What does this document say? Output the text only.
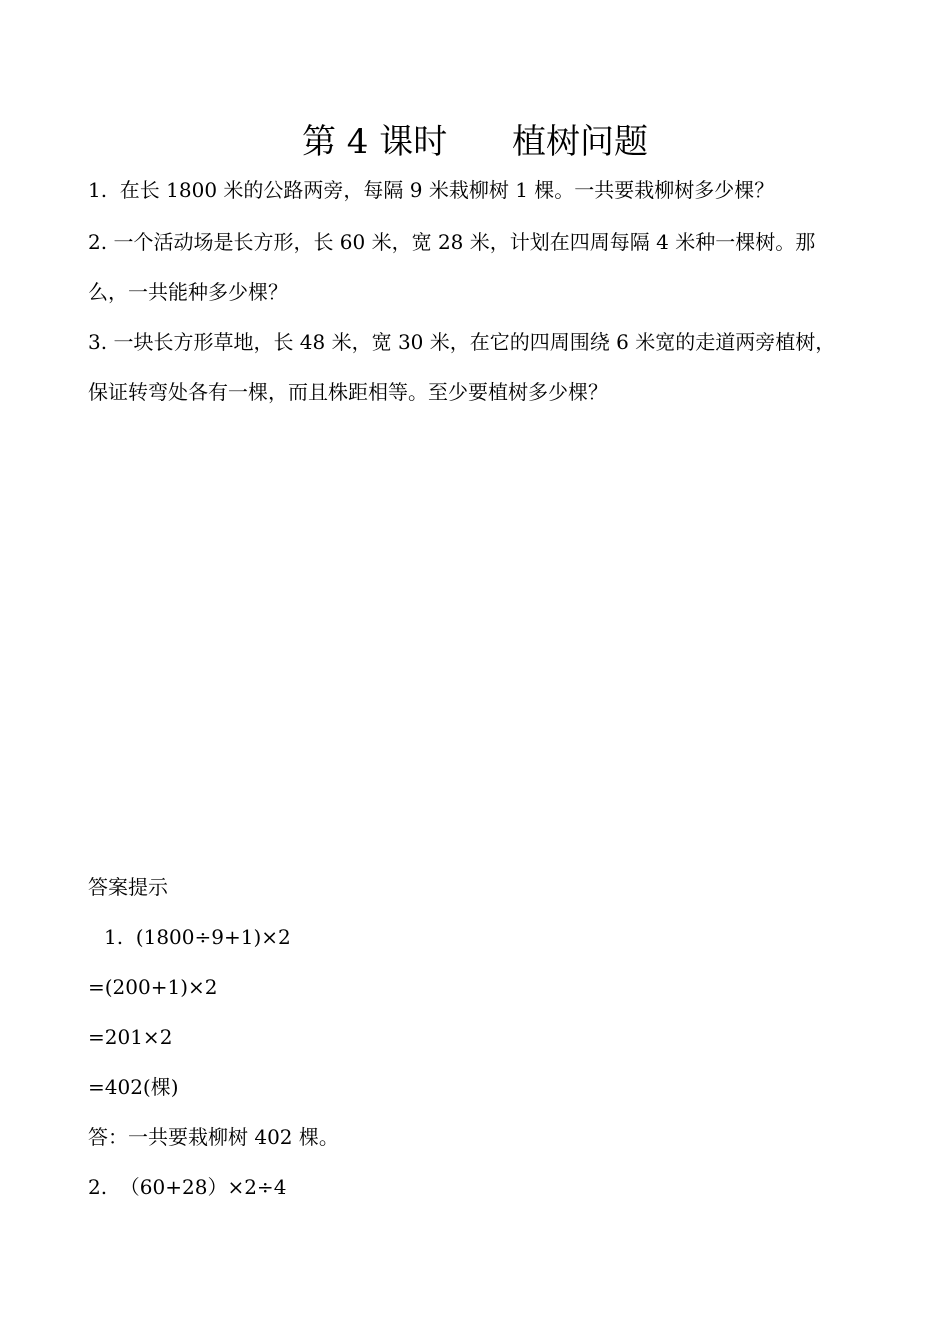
第 4 课时      植树问题
1.  在长 1800 米的公路两旁，每隔 9 米栽柳树 1 棵。一共要栽柳树多少棵？
2. 一个活动场是长方形，长 60 米，宽 28 米，计划在四周每隔 4 米种一棵树。那
么，一共能种多少棵？
3. 一块长方形草地，长 48 米，宽 30 米，在它的四周围绕 6 米宽的走道两旁植树，
保证转弯处各有一棵，而且株距相等。至少要植树多少棵？
答案提示
1.  (1800÷9+1)×2
=(200+1)×2
=201×2
=402(棵)
答：一共要栽柳树 402 棵。
2.  （60+28）×2÷4
